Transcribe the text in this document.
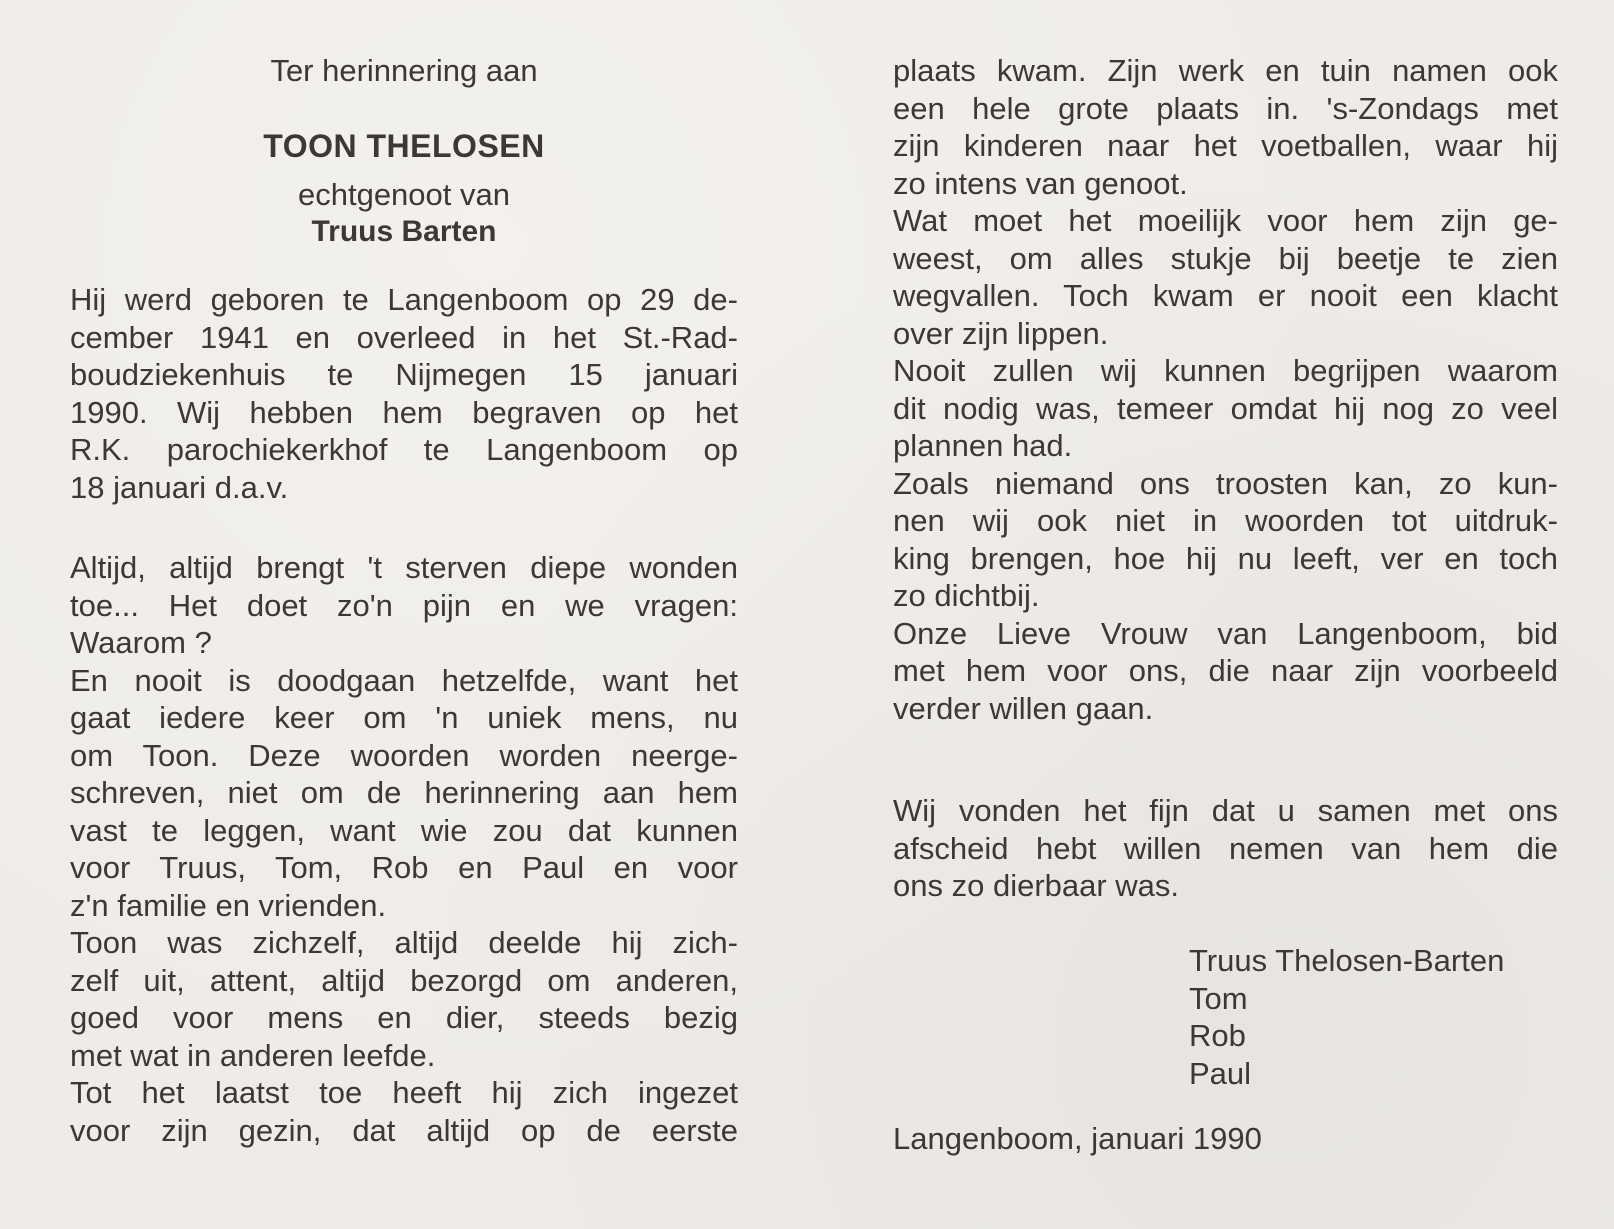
Ter herinnering aan
TOON THELOSEN
echtgenoot van
Truus Barten
Hij werd geboren te Langenboom op 29 de-
cember 1941 en overleed in het St.-Rad-
boudziekenhuis te Nijmegen 15 januari
1990. Wij hebben hem begraven op het
R.K. parochiekerkhof te Langenboom op
18 januari d.a.v.
Altijd, altijd brengt 't sterven diepe wonden
toe... Het doet zo'n pijn en we vragen:
Waarom ?
En nooit is doodgaan hetzelfde, want het
gaat iedere keer om 'n uniek mens, nu
om Toon. Deze woorden worden neerge-
schreven, niet om de herinnering aan hem
vast te leggen, want wie zou dat kunnen
voor Truus, Tom, Rob en Paul en voor
z'n familie en vrienden.
Toon was zichzelf, altijd deelde hij zich-
zelf uit, attent, altijd bezorgd om anderen,
goed voor mens en dier, steeds bezig
met wat in anderen leefde.
Tot het laatst toe heeft hij zich ingezet
voor zijn gezin, dat altijd op de eerste
plaats kwam. Zijn werk en tuin namen ook
een hele grote plaats in. 's-Zondags met
zijn kinderen naar het voetballen, waar hij
zo intens van genoot.
Wat moet het moeilijk voor hem zijn ge-
weest, om alles stukje bij beetje te zien
wegvallen. Toch kwam er nooit een klacht
over zijn lippen.
Nooit zullen wij kunnen begrijpen waarom
dit nodig was, temeer omdat hij nog zo veel
plannen had.
Zoals niemand ons troosten kan, zo kun-
nen wij ook niet in woorden tot uitdruk-
king brengen, hoe hij nu leeft, ver en toch
zo dichtbij.
Onze Lieve Vrouw van Langenboom, bid
met hem voor ons, die naar zijn voorbeeld
verder willen gaan.
Wij vonden het fijn dat u samen met ons
afscheid hebt willen nemen van hem die
ons zo dierbaar was.
Truus Thelosen-Barten
Tom
Rob
Paul
Langenboom, januari 1990
